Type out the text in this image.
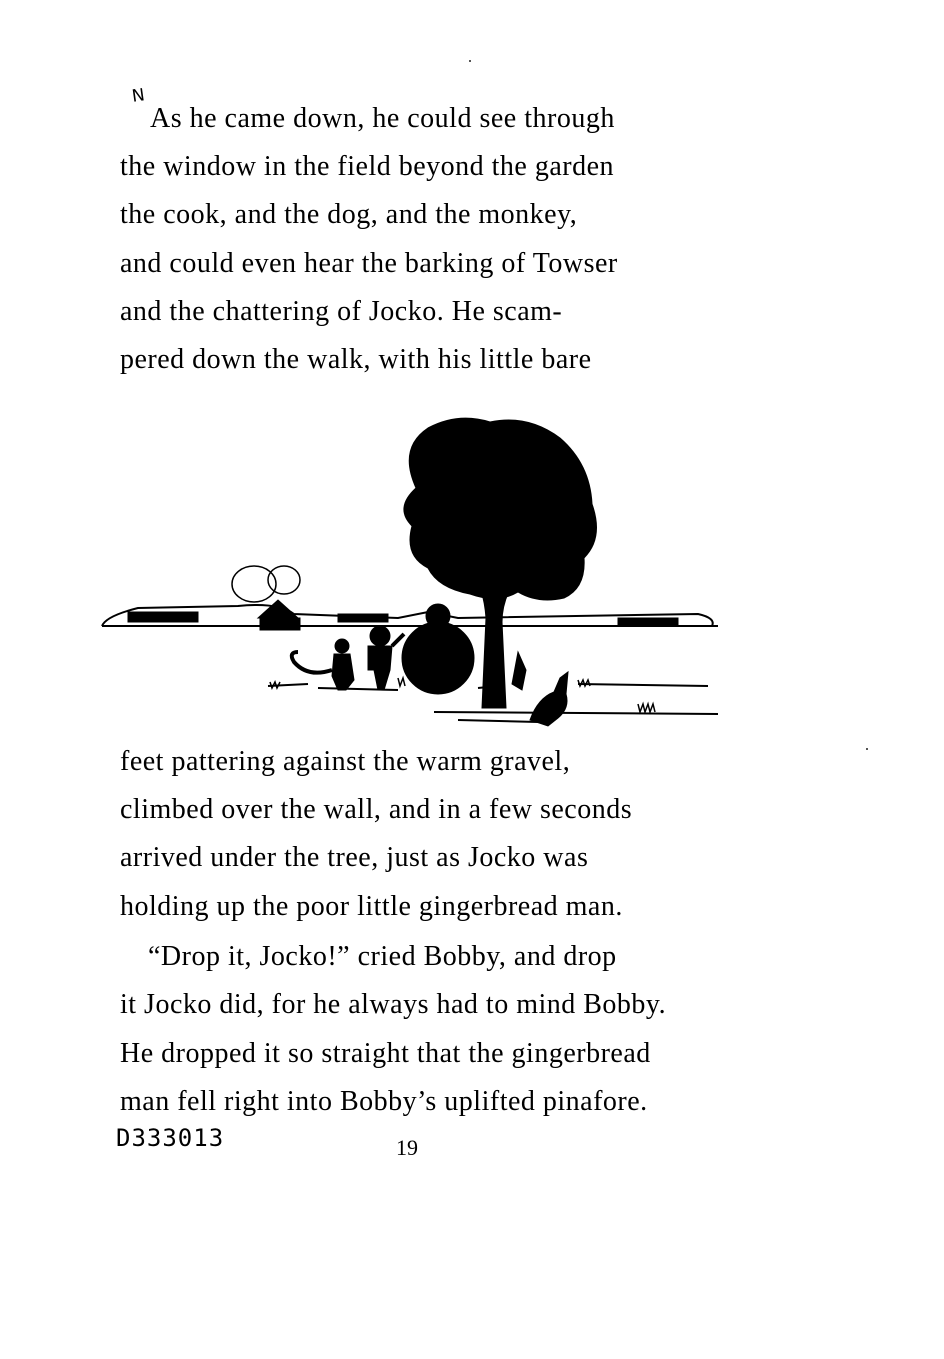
N
As he came down, he could see through
the window in the field beyond the garden
the cook, and the dog, and the monkey,
and could even hear the barking of Towser
and the chattering of Jocko. He scam-
pered down the walk, with his little bare
feet pattering against the warm gravel,
climbed over the wall, and in a few seconds
arrived under the tree, just as Jocko was
holding up the poor little gingerbread man.
“Drop it, Jocko!” cried Bobby, and drop
it Jocko did, for he always had to mind Bobby.
He dropped it so straight that the gingerbread
man fell right into Bobby’s uplifted pinafore.
D333013	19
